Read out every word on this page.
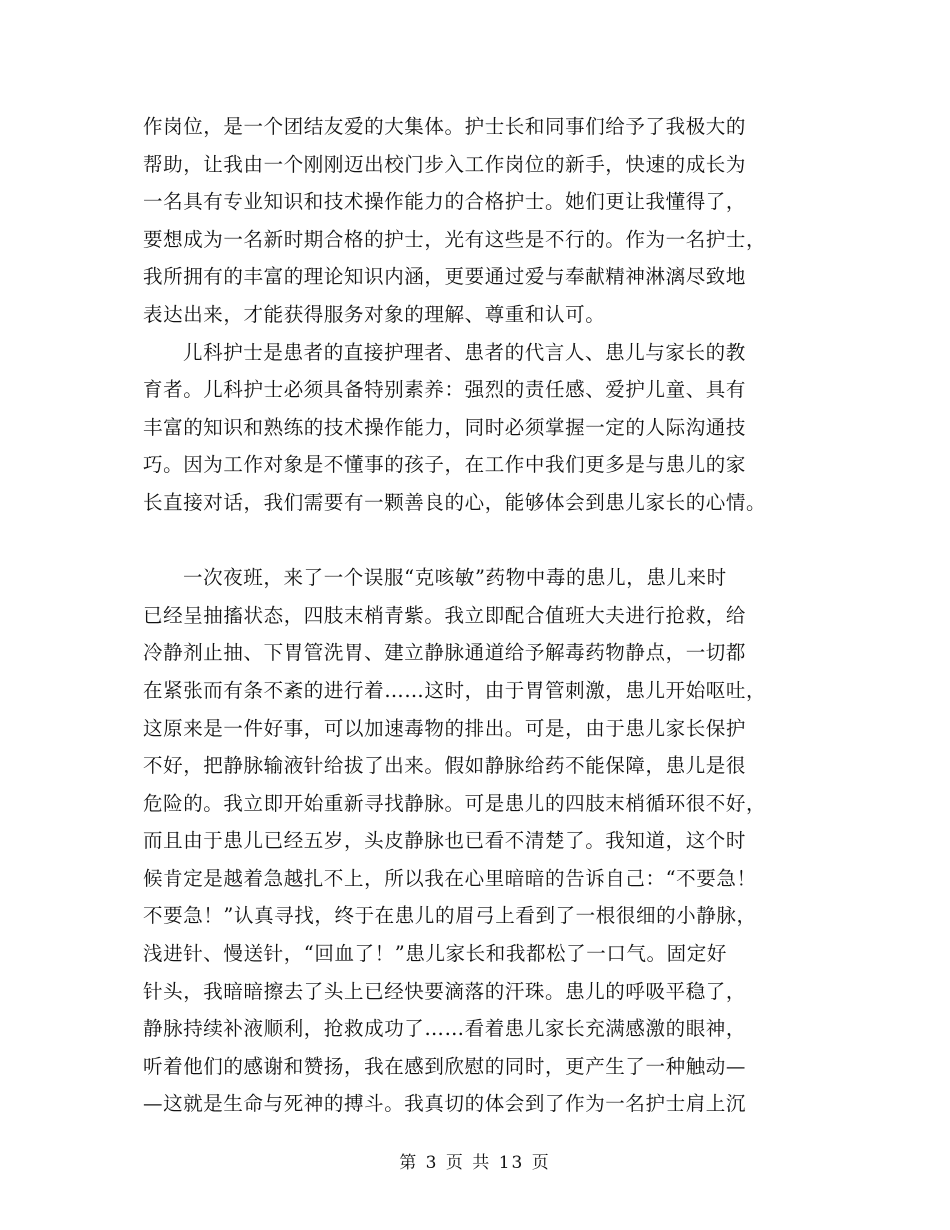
作岗位，是一个团结友爱的大集体。护士长和同事们给予了我极大的
帮助，让我由一个刚刚迈出校门步入工作岗位的新手，快速的成长为
一名具有专业知识和技术操作能力的合格护士。她们更让我懂得了，
要想成为一名新时期合格的护士，光有这些是不行的。作为一名护士，
我所拥有的丰富的理论知识内涵，更要通过爱与奉献精神淋漓尽致地
表达出来，才能获得服务对象的理解、尊重和认可。
儿科护士是患者的直接护理者、患者的代言人、患儿与家长的教
育者。儿科护士必须具备特别素养：强烈的责任感、爱护儿童、具有
丰富的知识和熟练的技术操作能力，同时必须掌握一定的人际沟通技
巧。因为工作对象是不懂事的孩子，在工作中我们更多是与患儿的家
长直接对话，我们需要有一颗善良的心，能够体会到患儿家长的心情。
一次夜班，来了一个误服“克咳敏”药物中毒的患儿，患儿来时
已经呈抽搐状态，四肢末梢青紫。我立即配合值班大夫进行抢救，给
冷静剂止抽、下胃管洗胃、建立静脉通道给予解毒药物静点，一切都
在紧张而有条不紊的进行着……这时，由于胃管刺激，患儿开始呕吐，
这原来是一件好事，可以加速毒物的排出。可是，由于患儿家长保护
不好，把静脉输液针给拔了出来。假如静脉给药不能保障，患儿是很
危险的。我立即开始重新寻找静脉。可是患儿的四肢末梢循环很不好，
而且由于患儿已经五岁，头皮静脉也已看不清楚了。我知道，这个时
候肯定是越着急越扎不上，所以我在心里暗暗的告诉自己：“不要急！
不要急！”认真寻找，终于在患儿的眉弓上看到了一根很细的小静脉，
浅进针、慢送针，“回血了！”患儿家长和我都松了一口气。固定好
针头，我暗暗擦去了头上已经快要滴落的汗珠。患儿的呼吸平稳了，
静脉持续补液顺利，抢救成功了……看着患儿家长充满感激的眼神，
听着他们的感谢和赞扬，我在感到欣慰的同时，更产生了一种触动—
—这就是生命与死神的搏斗。我真切的体会到了作为一名护士肩上沉
第 3 页 共 13 页
